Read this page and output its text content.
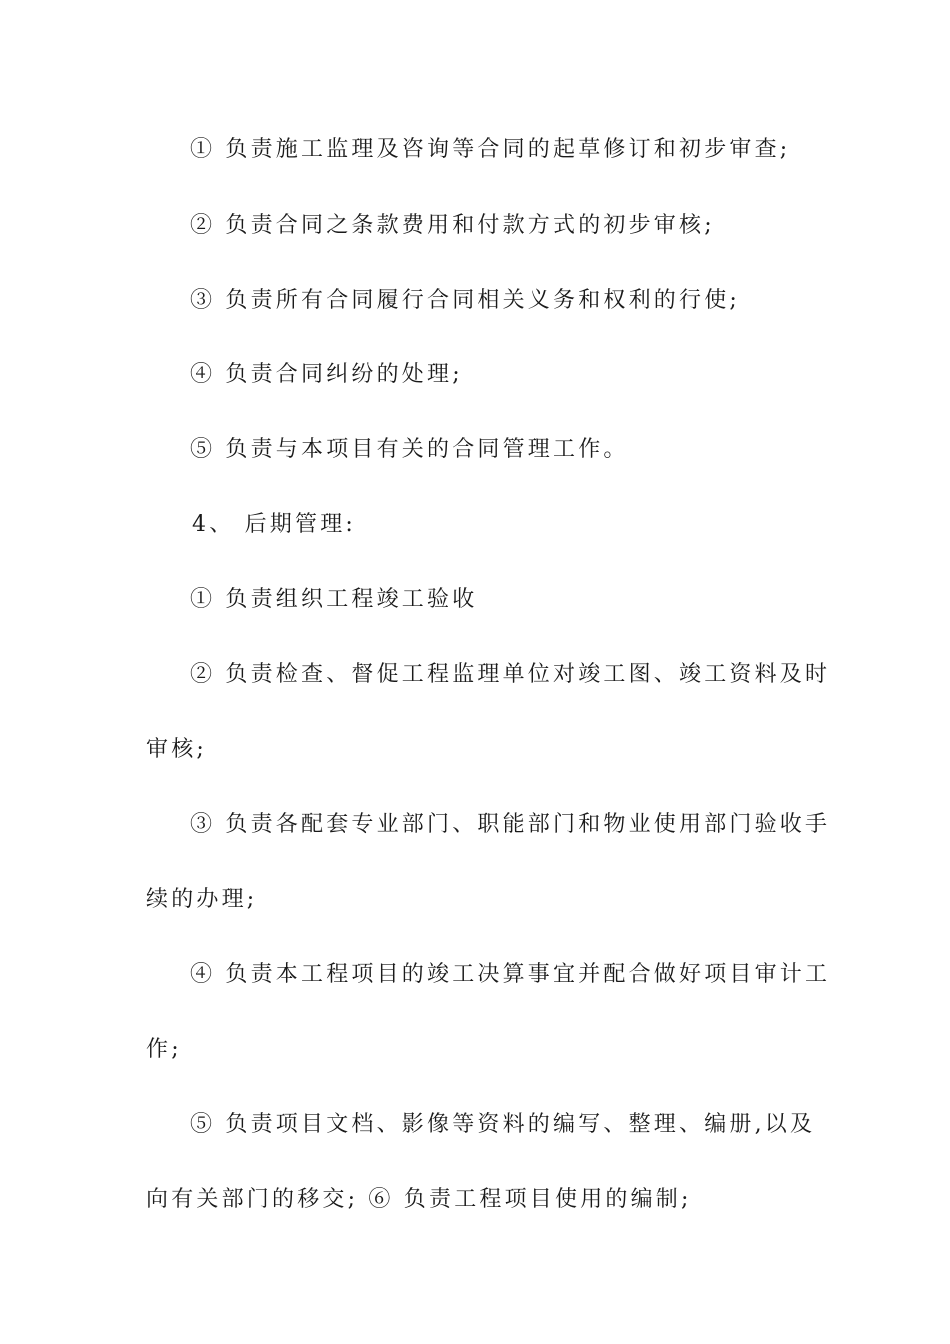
① 负责施工监理及咨询等合同的起草修订和初步审查;
② 负责合同之条款费用和付款方式的初步审核;
③ 负责所有合同履行合同相关义务和权利的行使;
④ 负责合同纠纷的处理;
⑤ 负责与本项目有关的合同管理工作。
4、 后期管理:
① 负责组织工程竣工验收
② 负责检查、督促工程监理单位对竣工图、竣工资料及时
审核;
③ 负责各配套专业部门、职能部门和物业使用部门验收手
续的办理;
④ 负责本工程项目的竣工决算事宜并配合做好项目审计工
作;
⑤ 负责项目文档、影像等资料的编写、整理、编册,以及
向有关部门的移交; ⑥ 负责工程项目使用的编制;
